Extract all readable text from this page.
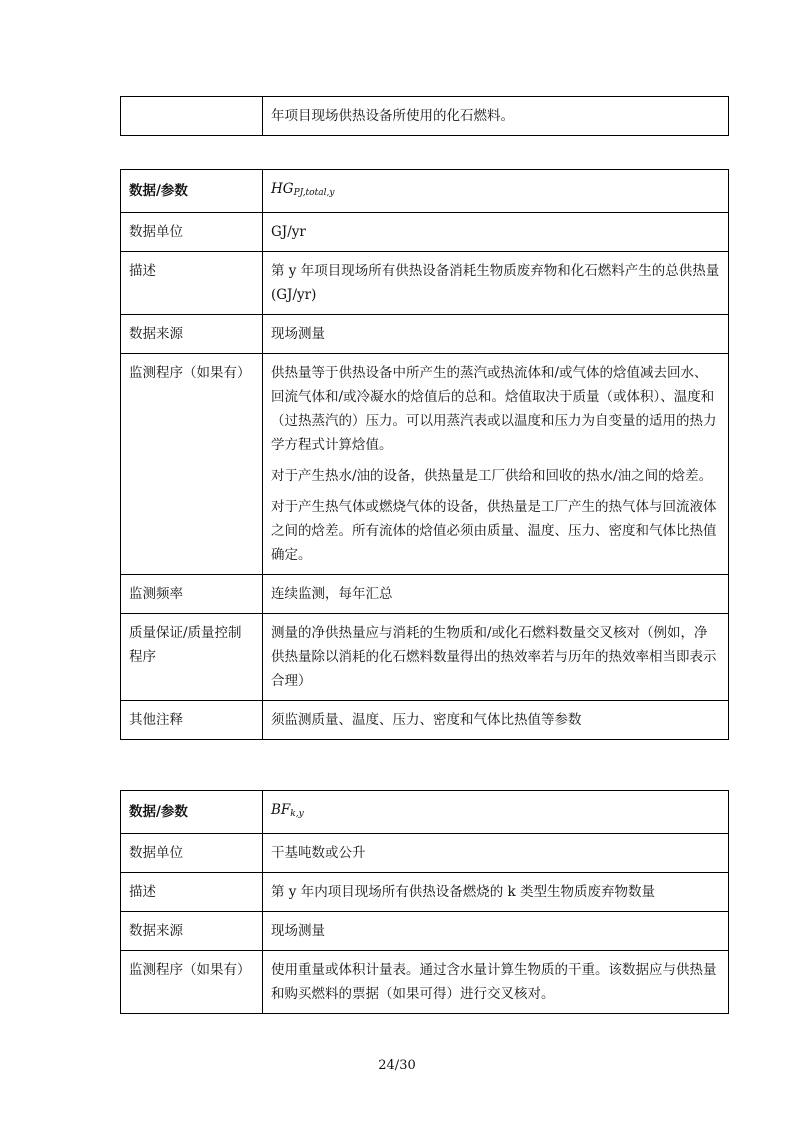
	年项目现场供热设备所使用的化石燃料。
数据/参数	HGPJ,total,y
数据单位	GJ/yr
描述	第 y 年项目现场所有供热设备消耗生物质废弃物和化石燃料产生的总供热量(GJ/yr)
数据来源	现场测量
监测程序（如果有）	供热量等于供热设备中所产生的蒸汽或热流体和/或气体的焓值减去回水、回流气体和/或冷凝水的焓值后的总和。焓值取决于质量（或体积）、温度和（过热蒸汽的）压力。可以用蒸汽表或以温度和压力为自变量的适用的热力学方程式计算焓值。

对于产生热水/油的设备，供热量是工厂供给和回收的热水/油之间的焓差。

对于产生热气体或燃烧气体的设备，供热量是工厂产生的热气体与回流液体之间的焓差。所有流体的焓值必须由质量、温度、压力、密度和气体比热值确定。

监测频率	连续监测，每年汇总
质量保证/质量控制程序	测量的净供热量应与消耗的生物质和/或化石燃料数量交叉核对（例如，净供热量除以消耗的化石燃料数量得出的热效率若与历年的热效率相当即表示合理）
其他注释	须监测质量、温度、压力、密度和气体比热值等参数
数据/参数	BFk,y
数据单位	干基吨数或公升
描述	第 y 年内项目现场所有供热设备燃烧的 k 类型生物质废弃物数量
数据来源	现场测量
监测程序（如果有）	使用重量或体积计量表。通过含水量计算生物质的干重。该数据应与供热量和购买燃料的票据（如果可得）进行交叉核对。
24/30
